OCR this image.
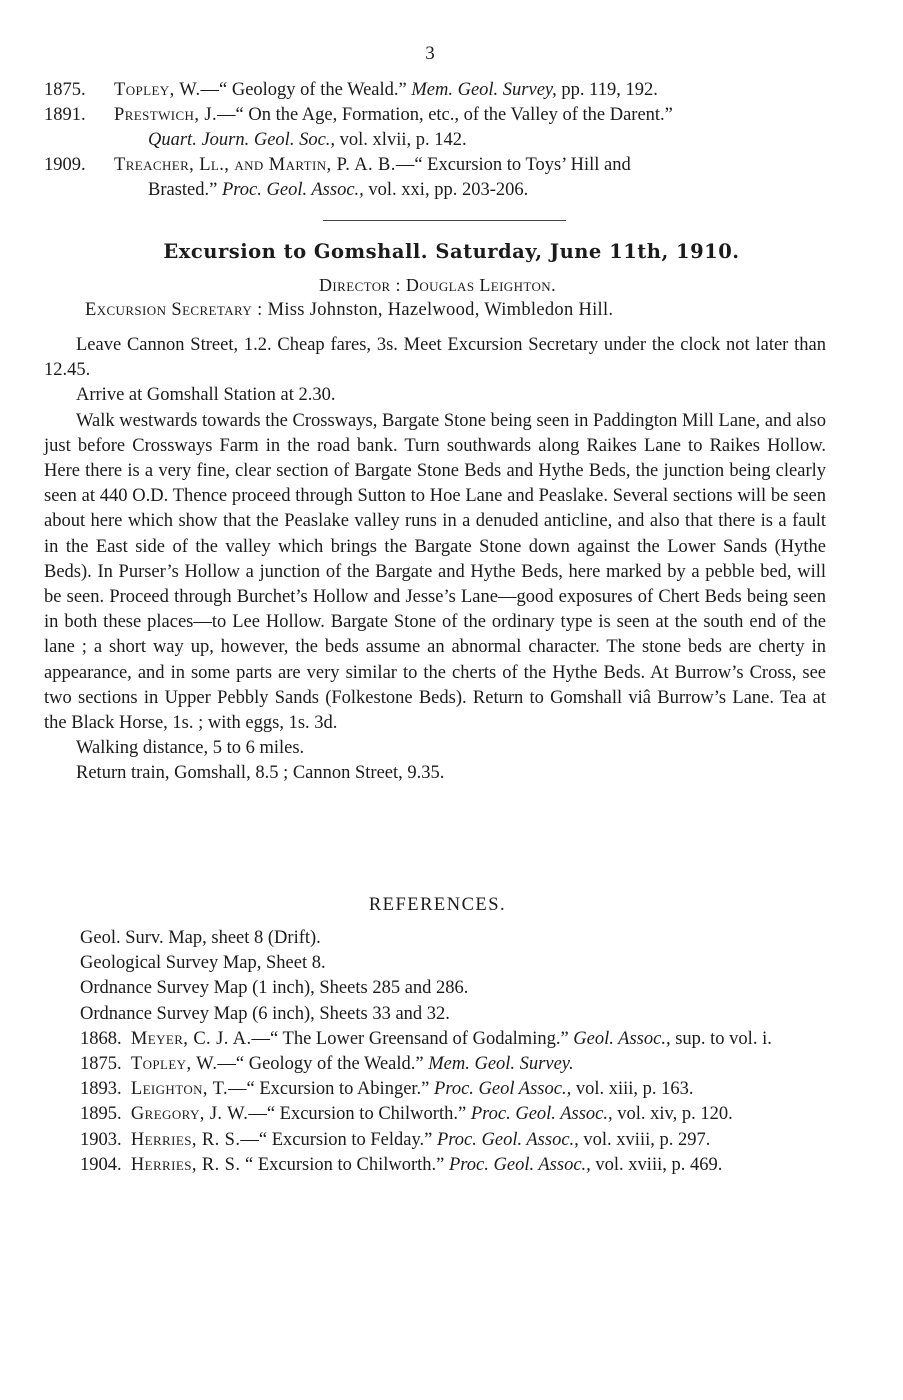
3

1875. Topley, W.—“ Geology of the Weald.” Mem. Geol. Survey, pp. 119, 192.

1891. Prestwich, J.—“ On the Age, Formation, etc., of the Valley of the Darent.”
Quart. Journ. Geol. Soc., vol. xlvii, p. 142.

1909. Treacher, Ll., and Martin, P. A. B.—“ Excursion to Toys’ Hill and
Brasted.” Proc. Geol. Assoc., vol. xxi, pp. 203-206.

Excursion to Gomshall. Saturday, June 11th, 1910.
Director : Douglas Leighton.
Excursion Secretary : Miss Johnston, Hazelwood, Wimbledon Hill.

Leave Cannon Street, 1.2. Cheap fares, 3s. Meet Excursion Secretary under the clock not later than 12.45.

Arrive at Gomshall Station at 2.30.

Walk westwards towards the Crossways, Bargate Stone being seen in Paddington Mill Lane, and also just before Crossways Farm in the road bank. Turn southwards along Raikes Lane to Raikes Hollow. Here there is a very fine, clear section of Bargate Stone Beds and Hythe Beds, the junction being clearly seen at 440 O.D. Thence proceed through Sutton to Hoe Lane and Peaslake. Several sections will be seen about here which show that the Peaslake valley runs in a denuded anticline, and also that there is a fault in the East side of the valley which brings the Bargate Stone down against the Lower Sands (Hythe Beds). In Purser’s Hollow a junction of the Bargate and Hythe Beds, here marked by a pebble bed, will be seen. Proceed through Burchet’s Hollow and Jesse’s Lane—good exposures of Chert Beds being seen in both these places—to Lee Hollow. Bargate Stone of the ordinary type is seen at the south end of the lane ; a short way up, however, the beds assume an abnormal character. The stone beds are cherty in appearance, and in some parts are very similar to the cherts of the Hythe Beds. At Burrow’s Cross, see two sections in Upper Pebbly Sands (Folkestone Beds). Return to Gomshall viâ Burrow’s Lane. Tea at the Black Horse, 1s. ; with eggs, 1s. 3d.

Walking distance, 5 to 6 miles.

Return train, Gomshall, 8.5 ; Cannon Street, 9.35.

REFERENCES.

Geol. Surv. Map, sheet 8 (Drift).

Geological Survey Map, Sheet 8.

Ordnance Survey Map (1 inch), Sheets 285 and 286.

Ordnance Survey Map (6 inch), Sheets 33 and 32.

1868. Meyer, C. J. A.—“ The Lower Greensand of Godalming.” Geol. Assoc., sup. to vol. i.

1875. Topley, W.—“ Geology of the Weald.” Mem. Geol. Survey.

1893. Leighton, T.—“ Excursion to Abinger.” Proc. Geol Assoc., vol. xiii, p. 163.

1895. Gregory, J. W.—“ Excursion to Chilworth.” Proc. Geol. Assoc., vol. xiv, p. 120.

1903. Herries, R. S.—“ Excursion to Felday.” Proc. Geol. Assoc., vol. xviii, p. 297.

1904. Herries, R. S. “ Excursion to Chilworth.” Proc. Geol. Assoc., vol. xviii, p. 469.
